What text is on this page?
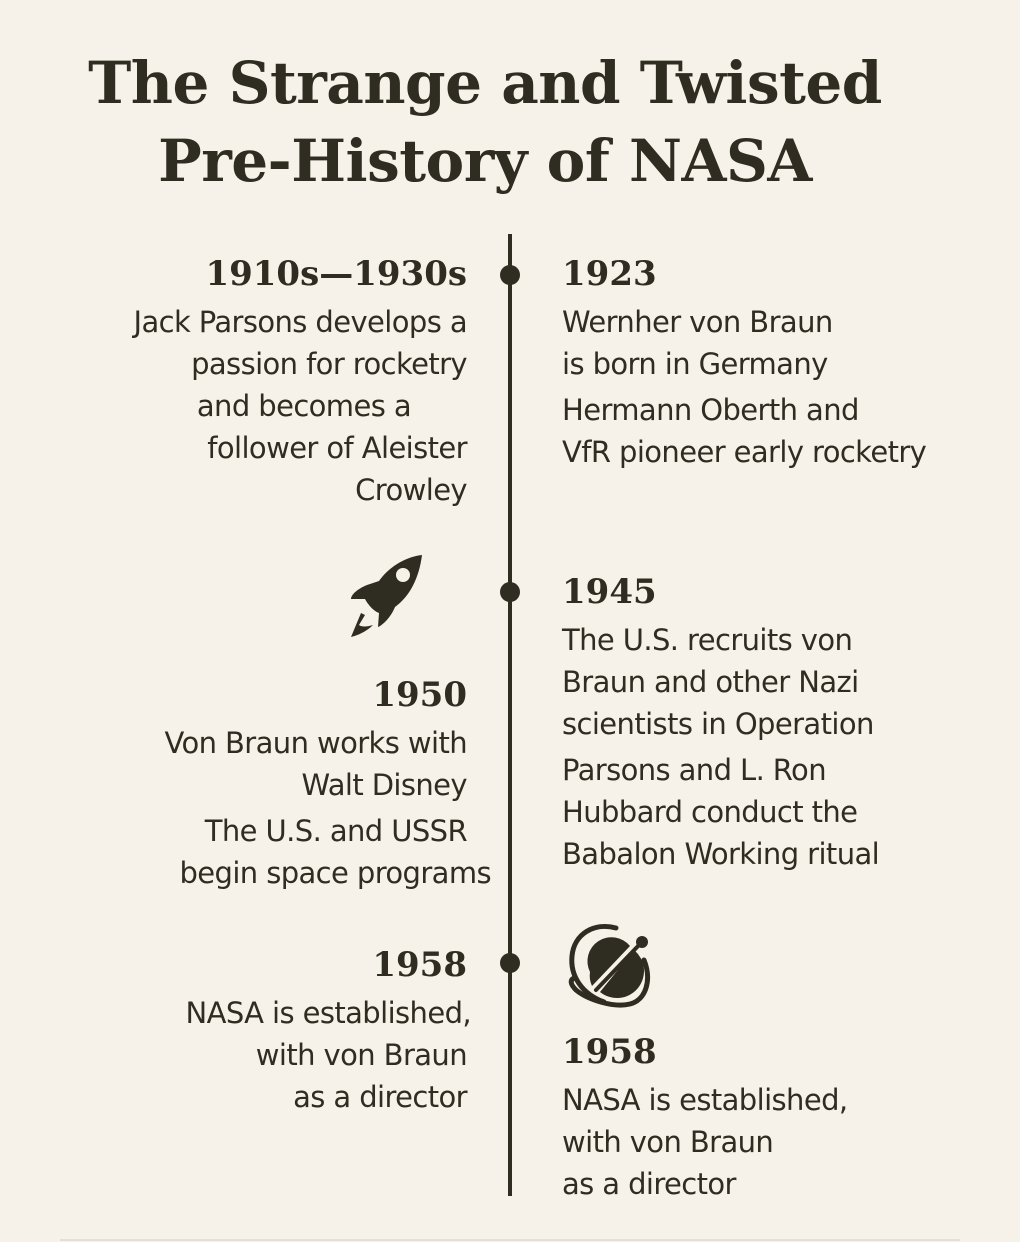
The Strange and Twisted
Pre-History of NASA
1910s—1930s
Jack Parsons develops a
passion for rocketry
and becomes a
follower of Aleister
Crowley
1923
Wernher von Braun
is born in Germany
Hermann Oberth and
VfR pioneer early rocketry
1945
The U.S. recruits von
Braun and other Nazi
scientists in Operation
Parsons and L. Ron
Hubbard conduct the
Babalon Working ritual
1950
Von Braun works with
Walt Disney
The U.S. and USSR
begin space programs
1958
NASA is established,
with von Braun
as a director
1958
NASA is established,
with von Braun
as a director
